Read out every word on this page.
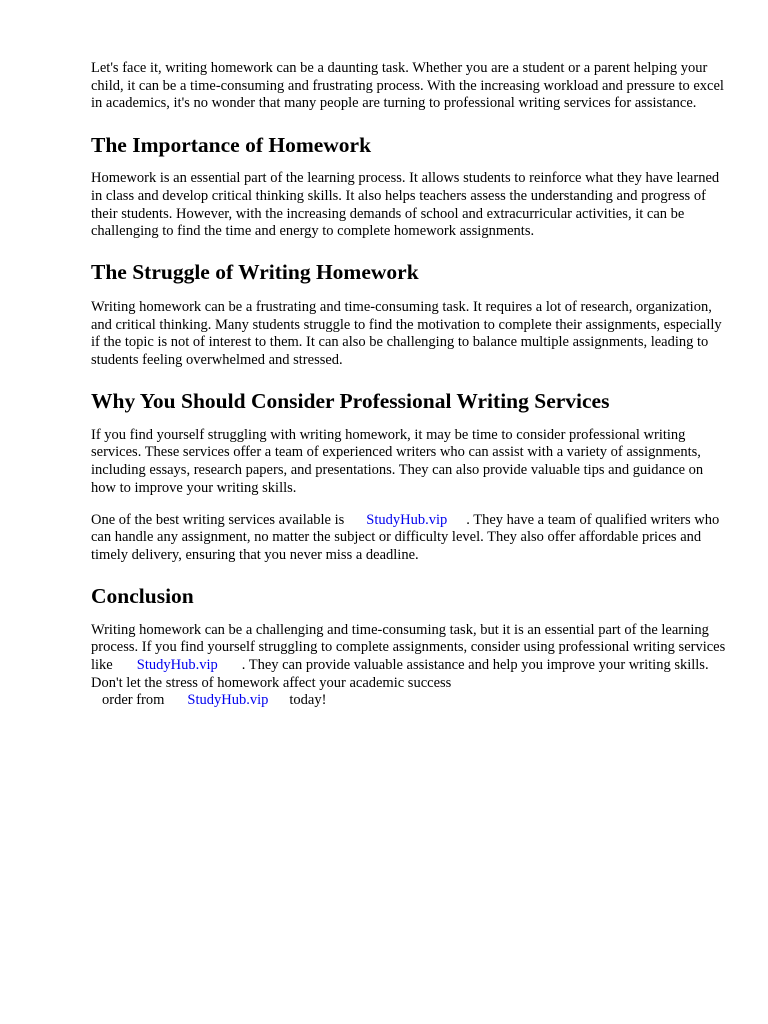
Let's face it, writing homework can be a daunting task. Whether you are a student or a parent helping your child, it can be a time-consuming and frustrating process. With the increasing workload and pressure to excel in academics, it's no wonder that many people are turning to professional writing services for assistance.

The Importance of Homework

Homework is an essential part of the learning process. It allows students to reinforce what they have learned in class and develop critical thinking skills. It also helps teachers assess the understanding and progress of their students. However, with the increasing demands of school and extracurricular activities, it can be challenging to find the time and energy to complete homework assignments.

The Struggle of Writing Homework

Writing homework can be a frustrating and time-consuming task. It requires a lot of research, organization, and critical thinking. Many students struggle to find the motivation to complete their assignments, especially if the topic is not of interest to them. It can also be challenging to balance multiple assignments, leading to students feeling overwhelmed and stressed.

Why You Should Consider Professional Writing Services

If you find yourself struggling with writing homework, it may be time to consider professional writing services. These services offer a team of experienced writers who can assist with a variety of assignments, including essays, research papers, and presentations. They can also provide valuable tips and guidance on how to improve your writing skills.

One of the best writing services available is StudyHub.vip . They have a team of qualified writers who can handle any assignment, no matter the subject or difficulty level. They also offer affordable prices and timely delivery, ensuring that you never miss a deadline.

Conclusion

Writing homework can be a challenging and time-consuming task, but it is an essential part of the learning process. If you find yourself struggling to complete assignments, consider using professional writing services like StudyHub.vip . They can provide valuable assistance and help you improve your writing skills. Don't let the stress of homework affect your academic success
order from StudyHub.vip today!
